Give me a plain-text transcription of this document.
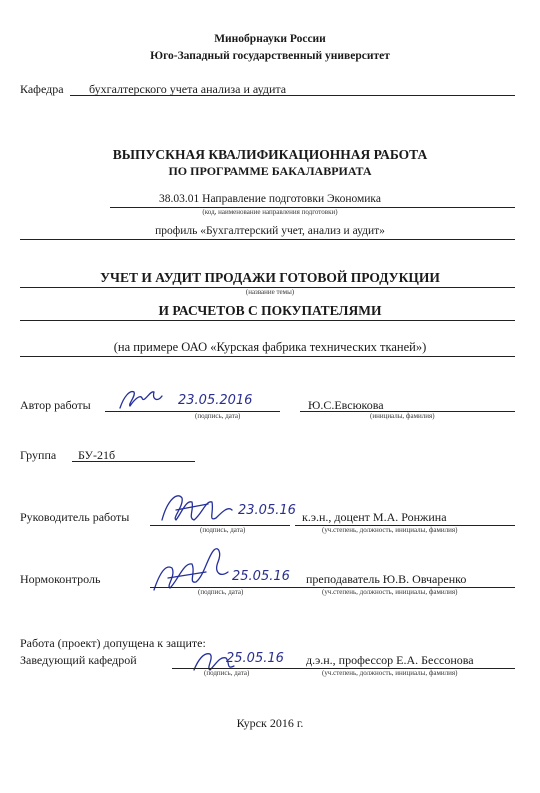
Минобрнауки России
Юго-Западный государственный университет
Кафедра бухгалтерского учета анализа и аудита
ВЫПУСКНАЯ КВАЛИФИКАЦИОННАЯ РАБОТА
ПО ПРОГРАММЕ БАКАЛАВРИАТА
38.03.01 Направление подготовки Экономика
(код, наименование направления подготовки)
профиль «Бухгалтерский учет, анализ и аудит»
УЧЕТ И АУДИТ ПРОДАЖИ ГОТОВОЙ ПРОДУКЦИИ
(название темы)
И РАСЧЕТОВ С ПОКУПАТЕЛЯМИ
(на примере ОАО «Курская фабрика технических тканей»)
Автор работы	23.05.2016
(подпись, дата)
Ю.С.Евсюкова
(инициалы, фамилия)
Группа БУ-21б
Руководитель работы	23.05.16
(подпись, дата)
к.э.н., доцент М.А. Ронжина
(уч.степень, должность, инициалы, фамилия)
Нормоконтроль	25.05.16
(подпись, дата)
преподаватель Ю.В. Овчаренко
(уч.степень, должность, инициалы, фамилия)
Работа (проект) допущена к защите:
Заведующий кафедрой	25.05.16
(подпись, дата)
д.э.н., профессор Е.А. Бессонова
(уч.степень, должность, инициалы, фамилия)
Курск 2016 г.
